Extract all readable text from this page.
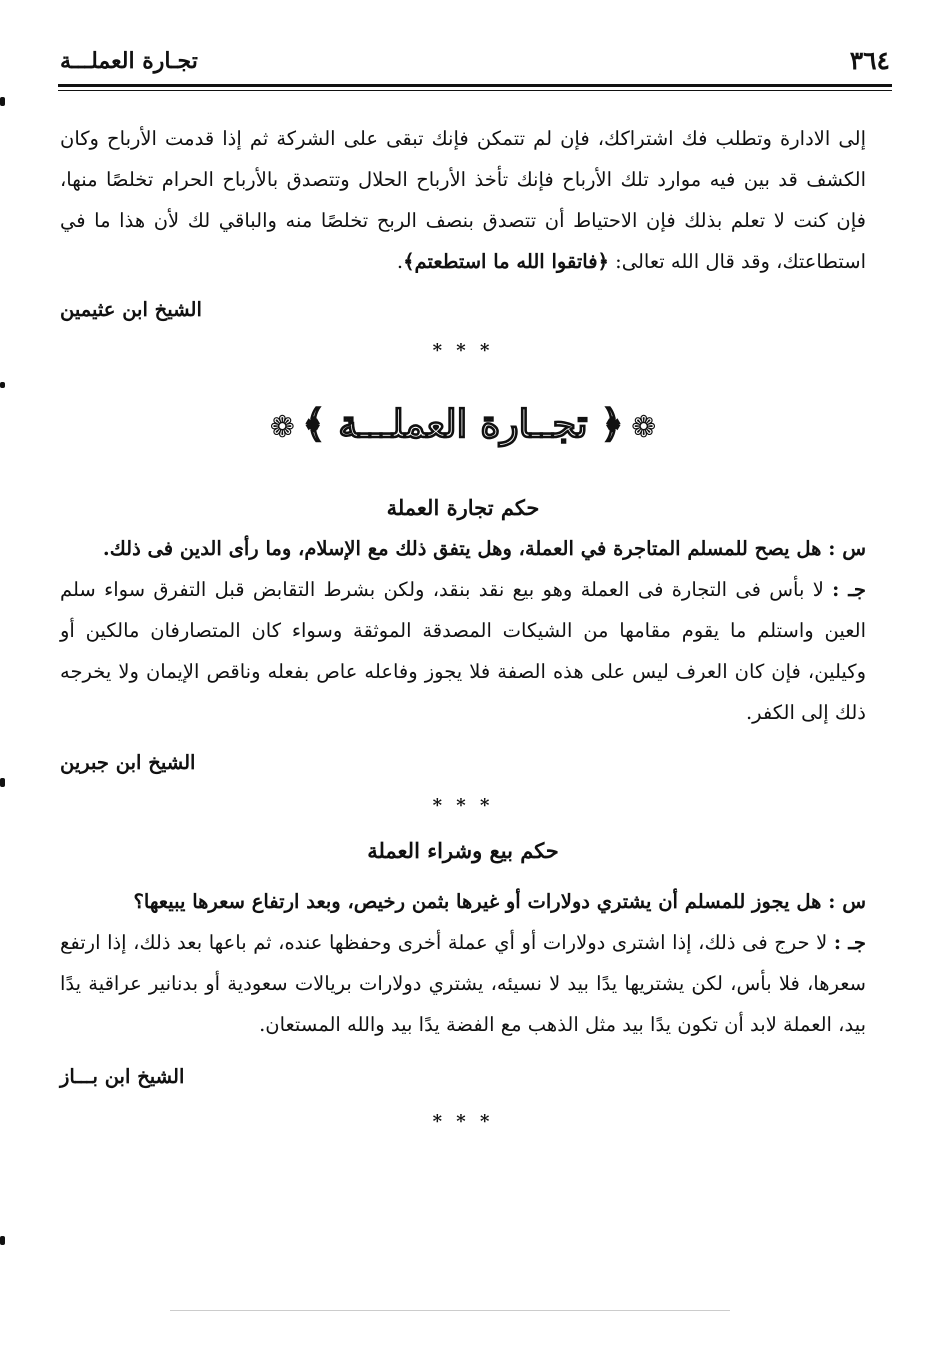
٣٦٤
تجـارة العملـــة

إلى الادارة وتطلب فك اشتراكك، فإن لم تتمكن فإنك تبقى على الشركة ثم إذا قدمت الأرباح وكان الكشف قد بين فيه موارد تلك الأرباح فإنك تأخذ الأرباح الحلال وتتصدق بالأرباح الحرام تخلصًا منها، فإن كنت لا تعلم بذلك فإن الاحتياط أن تتصدق بنصف الربح تخلصًا منه والباقي لك لأن هذا ما في استطاعتك، وقد قال الله تعالى: ﴿فاتقوا الله ما استطعتم﴾.

الشيخ ابن عثيمين
* * *
❁﴿ تجــارة العملـــة ﴾❁
حكم تجارة العملة

س : هل يصح للمسلم المتاجرة في العملة، وهل يتفق ذلك مع الإسلام، وما رأى الدين فى ذلك.

جـ : لا بأس فى التجارة فى العملة وهو بيع نقد بنقد، ولكن بشرط التقابض قبل التفرق سواء سلم العين واستلم ما يقوم مقامها من الشيكات المصدقة الموثقة وسواء كان المتصارفان مالكين أو وكيلين، فإن كان العرف ليس على هذه الصفة فلا يجوز وفاعله عاص بفعله وناقص الإيمان ولا يخرجه ذلك إلى الكفر.

الشيخ ابن جبرين
* * *
حكم بيع وشراء العملة

س : هل يجوز للمسلم أن يشتري دولارات أو غيرها بثمن رخيص، وبعد ارتفاع سعرها يبيعها؟

جـ : لا حرج فى ذلك، إذا اشترى دولارات أو أي عملة أخرى وحفظها عنده، ثم باعها بعد ذلك، إذا ارتفع سعرها، فلا بأس، لكن يشتريها يدًا بيد لا نسيئه، يشتري دولارات بريالات سعودية أو بدنانير عراقية يدًا بيد، العملة لابد أن تكون يدًا بيد مثل الذهب مع الفضة يدًا بيد والله المستعان.

الشيخ ابن بـــاز
* * *
